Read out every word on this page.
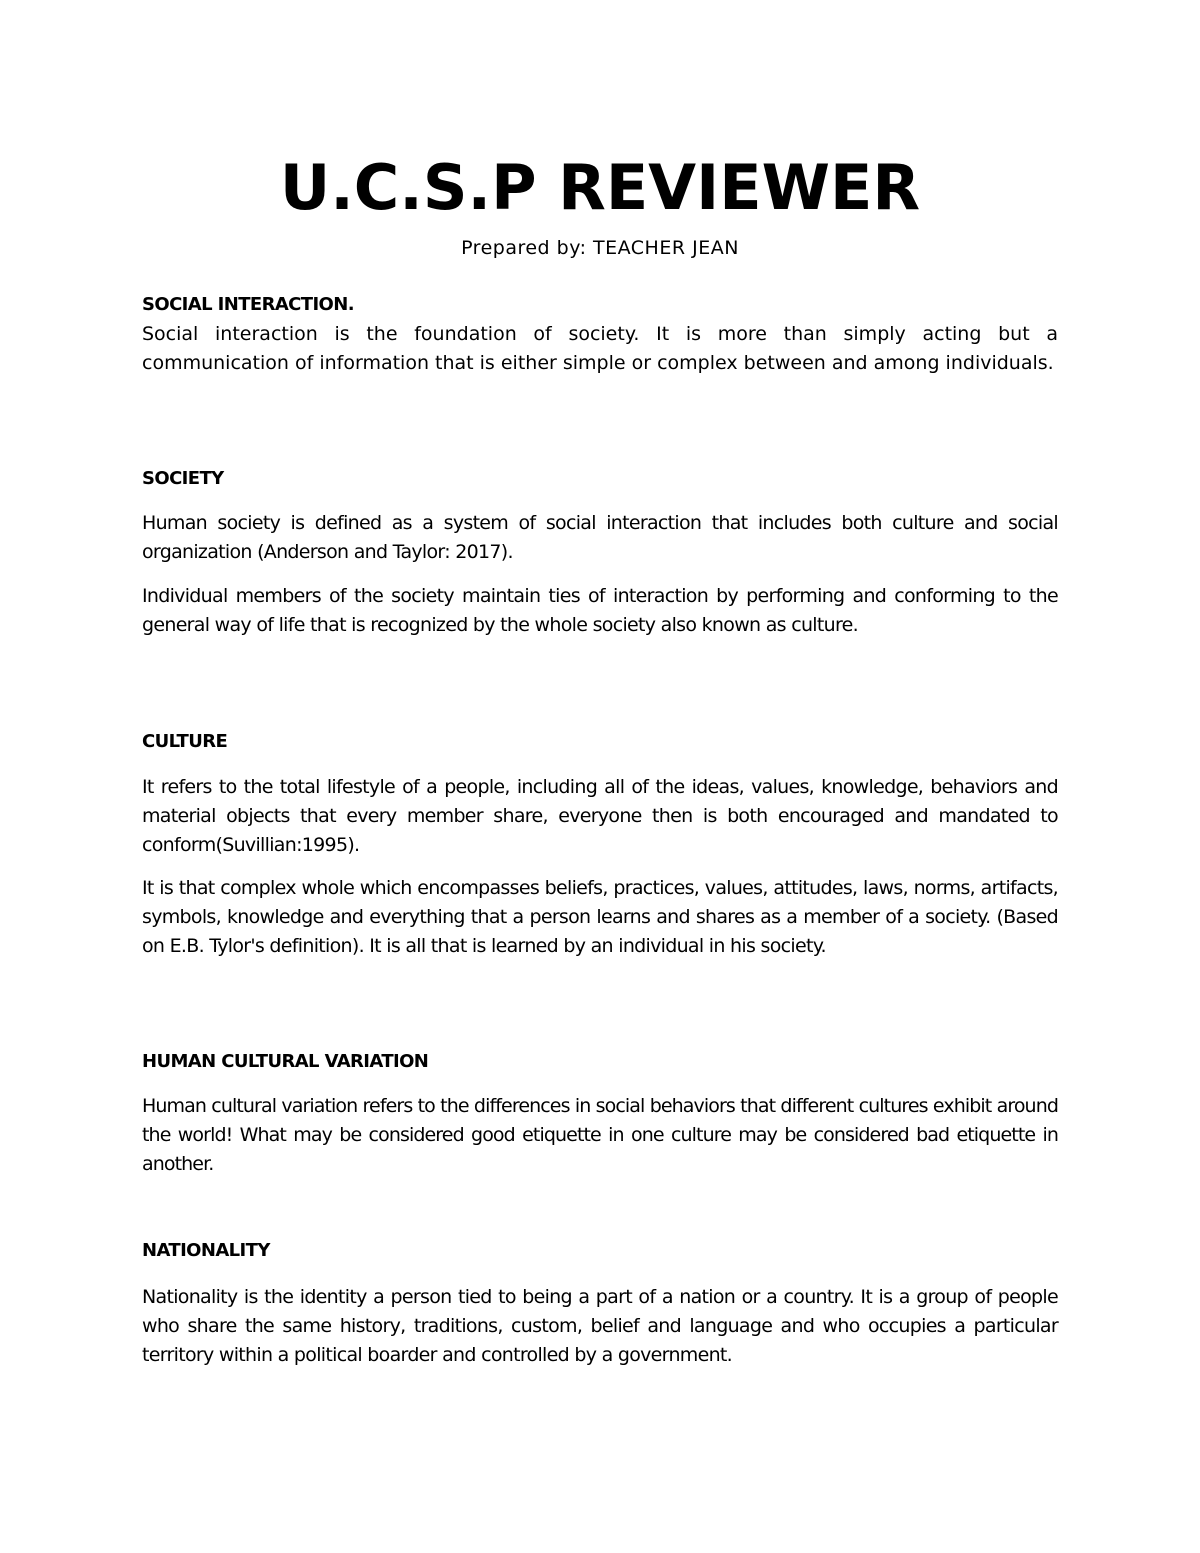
U.C.S.P REVIEWER
Prepared by: TEACHER JEAN
SOCIAL INTERACTION.
Social interaction is the foundation of society. It is more than simply acting but a communication of information that is either simple or complex between and among individuals.
SOCIETY
Human society is defined as a system of social interaction that includes both culture and social organization (Anderson and Taylor: 2017).
Individual members of the society maintain ties of interaction by performing and conforming to the general way of life that is recognized by the whole society also known as culture.
CULTURE
It refers to the total lifestyle of a people, including all of the ideas, values, knowledge, behaviors and material objects that every member share, everyone then is both encouraged and mandated to conform(Suvillian:1995).
It is that complex whole which encompasses beliefs, practices, values, attitudes, laws, norms, artifacts, symbols, knowledge and everything that a person learns and shares as a member of a society. (Based on E.B. Tylor's definition). It is all that is learned by an individual in his society.
HUMAN CULTURAL VARIATION
Human cultural variation refers to the differences in social behaviors that different cultures exhibit around the world! What may be considered good etiquette in one culture may be considered bad etiquette in another.
NATIONALITY
Nationality is the identity a person tied to being a part of a nation or a country. It is a group of people who share the same history, traditions, custom, belief and language and who occupies a particular territory within a political boarder and controlled by a government.
